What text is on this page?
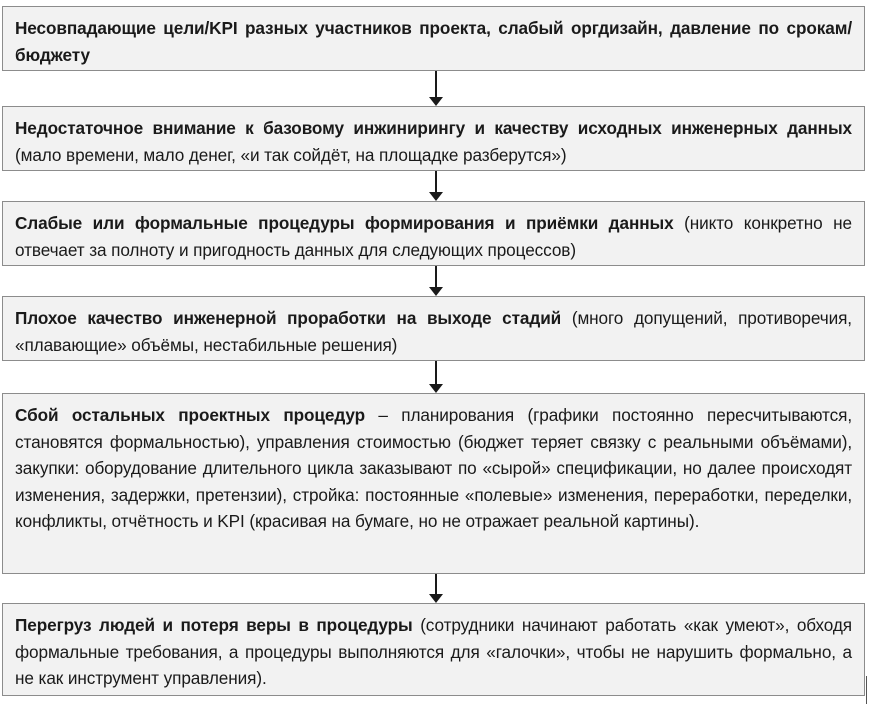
Несовпадающие цели/KPI разных участников проекта, слабый оргдизайн, давление по срокам/бюджету
Недостаточное внимание к базовому инжинирингу и качеству исходных инженерных данных (мало времени, мало денег, «и так сойдёт, на площадке разберутся»)
Слабые или формальные процедуры формирования и приёмки данных (никто конкретно не отвечает за полноту и пригодность данных для следующих процессов)
Плохое качество инженерной проработки на выходе стадий (много допущений, противоречия, «плавающие» объёмы, нестабильные решения)
Сбой остальных проектных процедур – планирования (графики постоянно пересчитываются, становятся формальностью), управления стоимостью (бюджет теряет связку с реальными объёмами), закупки: оборудование длительного цикла заказывают по «сырой» спецификации, но далее происходят изменения, задержки, претензии), стройка: постоянные «полевые» изменения, переработки, переделки, конфликты, отчётность и KPI (красивая на бумаге, но не отражает реальной картины).
Перегруз людей и потеря веры в процедуры (сотрудники начинают работать «как умеют», обходя формальные требования, а процедуры выполняются для «галочки», чтобы не нарушить формально, а не как инструмент управления).
